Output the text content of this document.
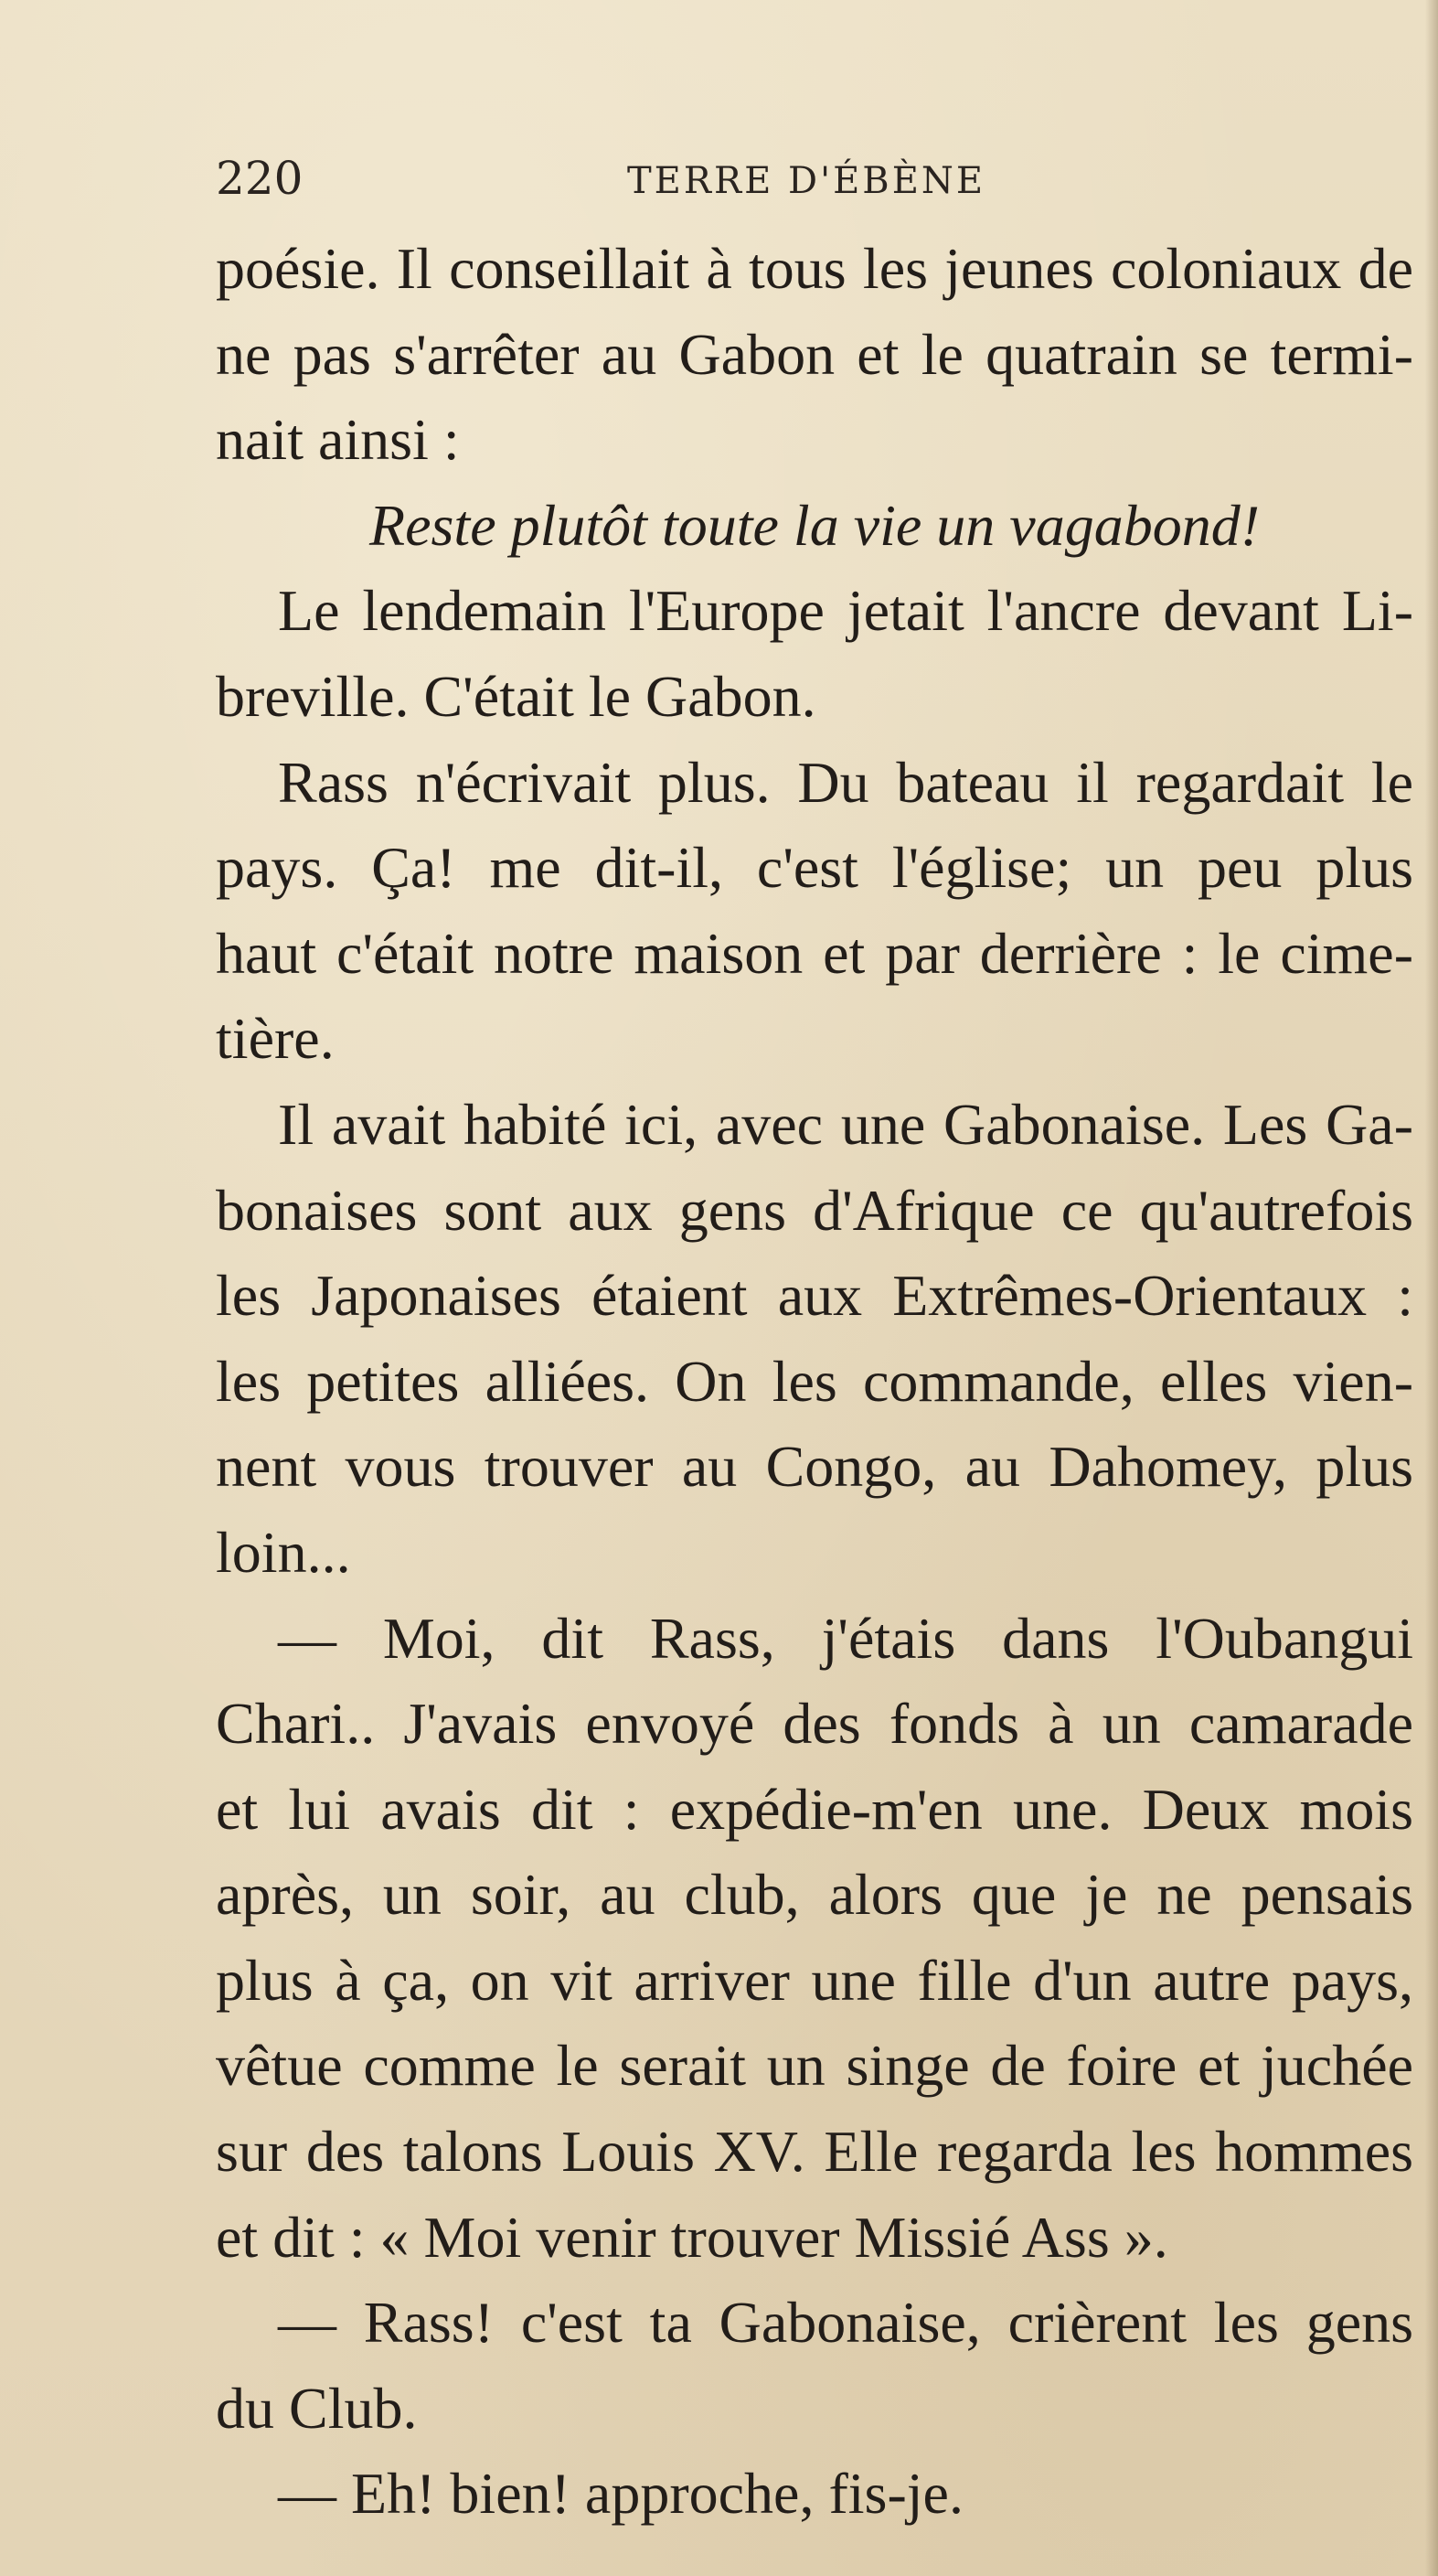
220	TERRE D'ÉBÈNE
poésie. Il conseillait à tous les jeunes coloniaux de
ne pas s'arrêter au Gabon et le quatrain se termi-
nait ainsi :
Reste plutôt toute la vie un vagabond!
Le lendemain l'Europe jetait l'ancre devant Li-
breville. C'était le Gabon.
Rass n'écrivait plus. Du bateau il regardait le
pays. Ça! me dit-il, c'est l'église; un peu plus
haut c'était notre maison et par derrière : le cime-
tière.
Il avait habité ici, avec une Gabonaise. Les Ga-
bonaises sont aux gens d'Afrique ce qu'autrefois
les Japonaises étaient aux Extrêmes-Orientaux :
les petites alliées. On les commande, elles vien-
nent vous trouver au Congo, au Dahomey, plus
loin...
— Moi, dit Rass, j'étais dans l'Oubangui
Chari.. J'avais envoyé des fonds à un camarade
et lui avais dit : expédie-m'en une. Deux mois
après, un soir, au club, alors que je ne pensais
plus à ça, on vit arriver une fille d'un autre pays,
vêtue comme le serait un singe de foire et juchée
sur des talons Louis XV. Elle regarda les hommes
et dit : « Moi venir trouver Missié Ass ».
— Rass! c'est ta Gabonaise, crièrent les gens
du Club.
— Eh! bien! approche, fis-je.
